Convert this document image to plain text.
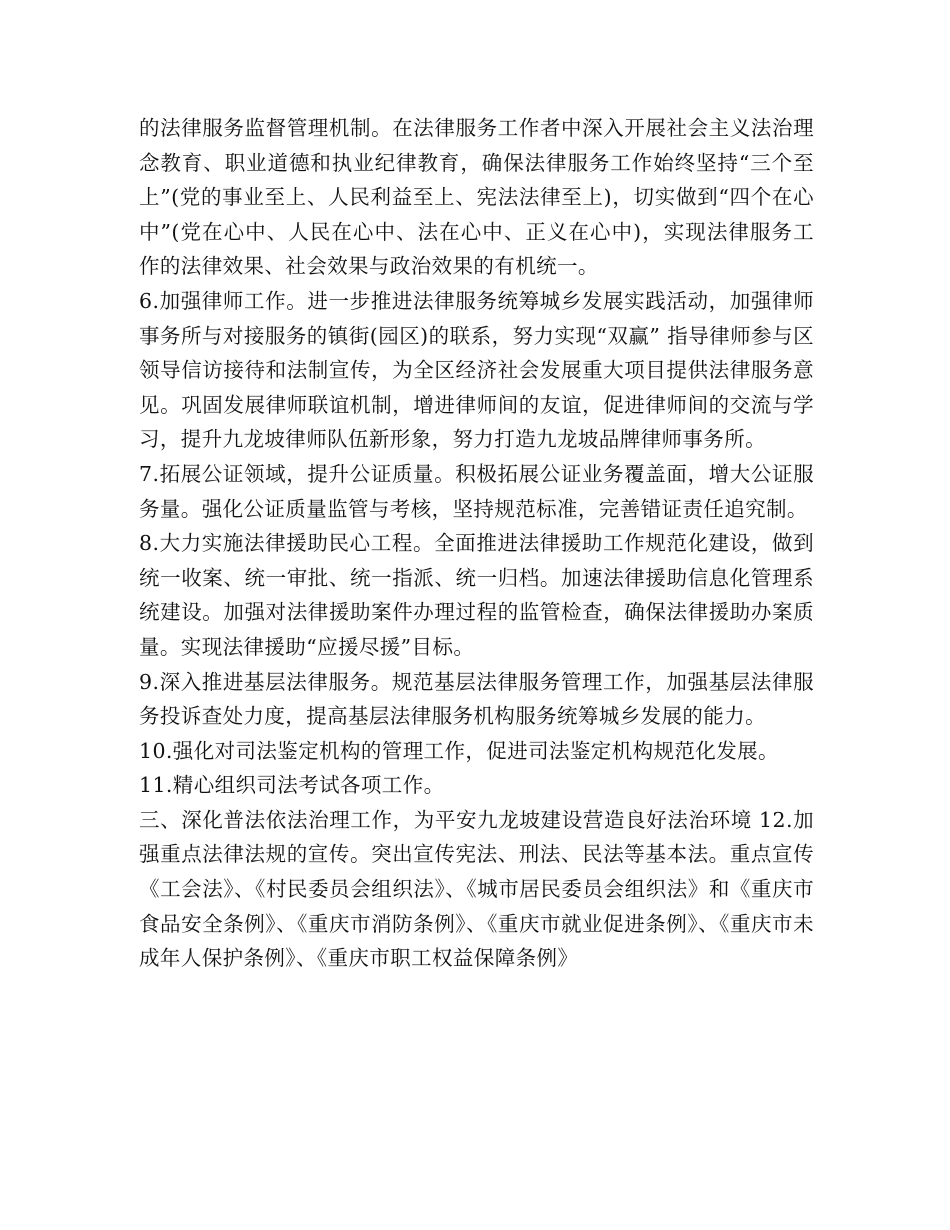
的法律服务监督管理机制。在法律服务工作者中深入开展社会主义法治理念教育、职业道德和执业纪律教育，确保法律服务工作始终坚持“三个至上”(党的事业至上、人民利益至上、宪法法律至上)，切实做到“四个在心中”(党在心中、人民在心中、法在心中、正义在心中)，实现法律服务工作的法律效果、社会效果与政治效果的有机统一。

6.加强律师工作。进一步推进法律服务统筹城乡发展实践活动，加强律师事务所与对接服务的镇街(园区)的联系，努力实现“双赢” 指导律师参与区领导信访接待和法制宣传，为全区经济社会发展重大项目提供法律服务意见。巩固发展律师联谊机制，增进律师间的友谊，促进律师间的交流与学习，提升九龙坡律师队伍新形象，努力打造九龙坡品牌律师事务所。

7.拓展公证领域，提升公证质量。积极拓展公证业务覆盖面，增大公证服务量。强化公证质量监管与考核，坚持规范标准，完善错证责任追究制。

8.大力实施法律援助民心工程。全面推进法律援助工作规范化建设，做到统一收案、统一审批、统一指派、统一归档。加速法律援助信息化管理系统建设。加强对法律援助案件办理过程的监管检查，确保法律援助办案质量。实现法律援助“应援尽援”目标。

9.深入推进基层法律服务。规范基层法律服务管理工作，加强基层法律服务投诉查处力度，提高基层法律服务机构服务统筹城乡发展的能力。

10.强化对司法鉴定机构的管理工作，促进司法鉴定机构规范化发展。

11.精心组织司法考试各项工作。

三、深化普法依法治理工作，为平安九龙坡建设营造良好法治环境 12.加强重点法律法规的宣传。突出宣传宪法、刑法、民法等基本法。重点宣传《工会法》、《村民委员会组织法》、《城市居民委员会组织法》和《重庆市食品安全条例》、《重庆市消防条例》、《重庆市就业促进条例》、《重庆市未成年人保护条例》、《重庆市职工权益保障条例》
